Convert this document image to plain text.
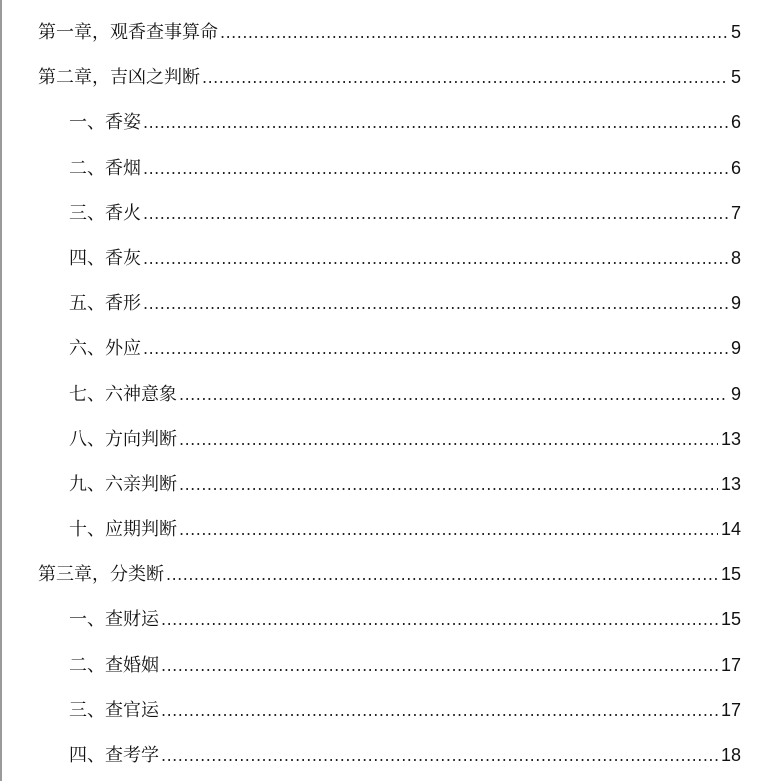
第一章，观香查事算命 .....	5
第二章，吉凶之判断 .....	5
一、香姿 .....	6
二、香烟 .....	6
三、香火 .....	7
四、香灰 .....	8
五、香形 .....	9
六、外应 .....	9
七、六神意象 .....	9
八、方向判断 .....	13
九、六亲判断 .....	13
十、应期判断 .....	14
第三章，分类断 .....	15
一、查财运 .....	15
二、查婚姻 .....	17
三、查官运 .....	17
四、查考学 .....	18
